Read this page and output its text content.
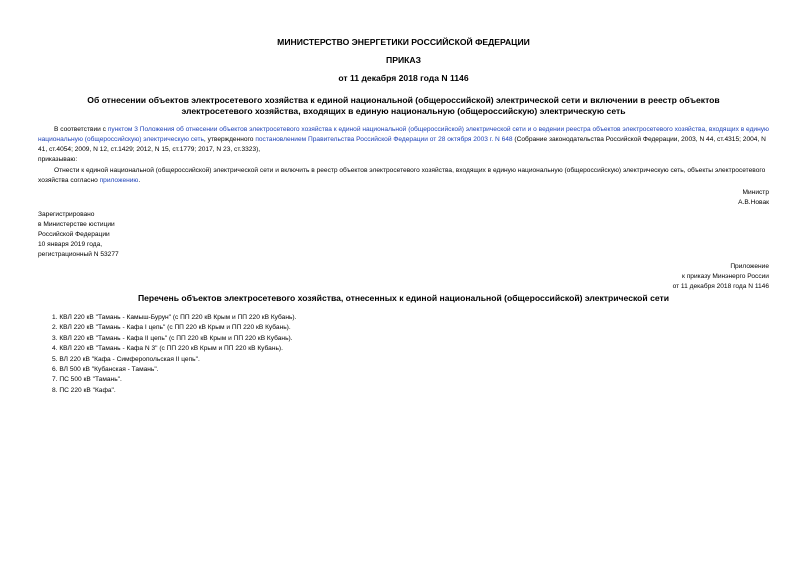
МИНИСТЕРСТВО ЭНЕРГЕТИКИ РОССИЙСКОЙ ФЕДЕРАЦИИ
ПРИКАЗ
от 11 декабря 2018 года N 1146
Об отнесении объектов электросетевого хозяйства к единой национальной (общероссийской) электрической сети и включении в реестр объектов
электросетевого хозяйства, входящих в единую национальную (общероссийскую) электрическую сеть
В соответствии с пунктом 3 Положения об отнесении объектов электросетевого хозяйства к единой национальной (общероссийской) электрической сети и о ведении реестра объектов электросетевого хозяйства, входящих в единую национальную (общероссийскую) электрическую сеть, утвержденного постановлением Правительства Российской Федерации от 28 октября 2003 г. N 648 (Собрание законодательства Российской Федерации, 2003, N 44, ст.4315; 2004, N 41, ст.4054; 2009, N 12, ст.1429; 2012, N 15, ст.1779; 2017, N 23, ст.3323),
приказываю:
Отнести к единой национальной (общероссийской) электрической сети и включить в реестр объектов электросетевого хозяйства, входящих в единую национальную (общероссийскую) электрическую сеть, объекты электросетевого хозяйства согласно приложению.
Министр
А.В.Новак
Зарегистрировано
в Министерстве юстиции
Российской Федерации
10 января 2019 года,
регистрационный N 53277
Приложение
к приказу Минэнерго России
от 11 декабря 2018 года N 1146
Перечень объектов электросетевого хозяйства, отнесенных к единой национальной (общероссийской) электрической сети
1. КВЛ 220 кВ "Тамань - Камыш-Бурун" (с ПП 220 кВ Крым и ПП 220 кВ Кубань).
2. КВЛ 220 кВ "Тамань - Кафа I цепь" (с ПП 220 кВ Крым и ПП 220 кВ Кубань).
3. КВЛ 220 кВ "Тамань - Кафа II цепь" (с ПП 220 кВ Крым и ПП 220 кВ Кубань).
4. КВЛ 220 кВ "Тамань - Кафа N 3" (с ПП 220 кВ Крым и ПП 220 кВ Кубань).
5. ВЛ 220 кВ "Кафа - Симферопольская II цепь".
6. ВЛ 500 кВ "Кубанская - Тамань".
7. ПС 500 кВ "Тамань".
8. ПС 220 кВ "Кафа".
